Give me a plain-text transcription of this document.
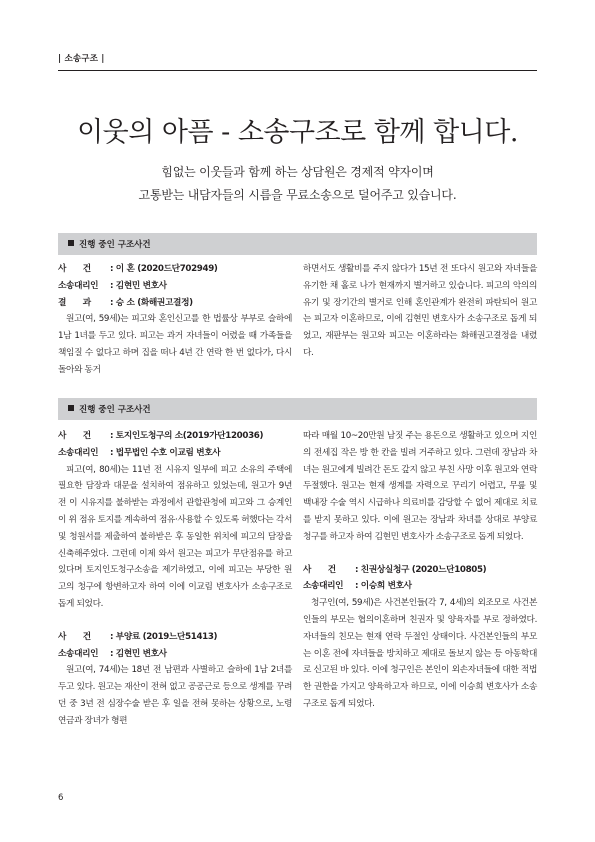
| 소송구조 |
이웃의 아픔 - 소송구조로 함께 합니다.
힘없는 이웃들과 함께 하는 상담원은 경제적 약자이며
고통받는 내담자들의 시름을 무료소송으로 덜어주고 있습니다.
진행 중인 구조사건

사　　건 : 이 혼 (2020드단702949)

소송대리인 : 김현민 변호사

결　　과 : 승 소 (화해권고결정)

원고(여, 59세)는 피고와 혼인신고를 한 법률상 부부로 슬하에 1남 1녀를 두고 있다. 피고는 과거 자녀들이 어렸을 때 가족들을 책임질 수 없다고 하며 집을 떠나 4년 간 연락 한 번 없다가, 다시 돌아와 동거

하면서도 생활비를 주지 않다가 15년 전 또다시 원고와 자녀들을 유기한 채 홀로 나가 현재까지 별거하고 있습니다. 피고의 악의의 유기 및 장기간의 별거로 인해 혼인관계가 완전히 파탄되어 원고는 피고자 이혼하므로, 이에 김현민 변호사가 소송구조로 돕게 되었고, 재판부는 원고와 피고는 이혼하라는 화해권고결정을 내렸다.

진행 중인 구조사건

사　　건 : 토지인도청구의 소(2019가단120036)

소송대리인 : 법무법인 수호 이교림 변호사

피고(여, 80세)는 11년 전 시유지 일부에 피고 소유의 주택에 필요한 담장과 대문을 설치하여 점유하고 있었는데, 원고가 9년 전 이 시유지를 불하받는 과정에서 관할관청에 피고와 그 승계인이 위 점유 토지를 계속하여 점유·사용할 수 있도록 허했다는 각서 및 청원서를 제출하여 불하받은 후 동일한 위치에 피고의 담장을 신축해주었다. 그런데 이제 와서 원고는 피고가 무단점유를 하고 있다며 토지인도청구소송을 제기하였고, 이에 피고는 부당한 원고의 청구에 항변하고자 하여 이에 이교림 변호사가 소송구조로 돕게 되었다.

사　　건 : 부양료 (2019느단51413)

소송대리인 : 김현민 변호사

원고(여, 74세)는 18년 전 남편과 사별하고 슬하에 1남 2녀를 두고 있다. 원고는 재산이 전혀 없고 공공근로 등으로 생계를 꾸려던 중 3년 전 심장수술 받은 후 일을 전혀 못하는 상황으로, 노령연금과 장녀가 형편

따라 매월 10~20만원 남짓 주는 용돈으로 생활하고 있으며 지인의 전세집 작은 방 한 칸을 빌려 거주하고 있다. 그런데 장남과 차녀는 원고에게 빌려간 돈도 갚지 않고 부친 사망 이후 원고와 연락 두절했다. 원고는 현재 생계를 자력으로 꾸리기 어렵고, 무릎 및 백내장 수술 역시 시급하나 의료비를 감당할 수 없어 제대로 치료를 받지 못하고 있다. 이에 원고는 장남과 차녀를 상대로 부양료 청구를 하고자 하여 김현민 변호사가 소송구조로 돕게 되었다.

사　　건 : 친권상실청구 (2020느단10805)

소송대리인 : 이승희 변호사

청구인(여, 59세)은 사건본인들(각 7, 4세)의 외조모로 사건본인들의 부모는 협의이혼하며 친권자 및 양육자를 부로 정하였다. 자녀들의 친모는 현재 연락 두절인 상태이다. 사건본인들의 부모는 이혼 전에 자녀들을 방치하고 제대로 돌보지 않는 등 아동학대로 신고된 바 있다. 이에 청구인은 본인이 외손자녀들에 대한 적법한 권한을 가지고 양육하고자 하므로, 이에 이승희 변호사가 소송구조로 돕게 되었다.

6
